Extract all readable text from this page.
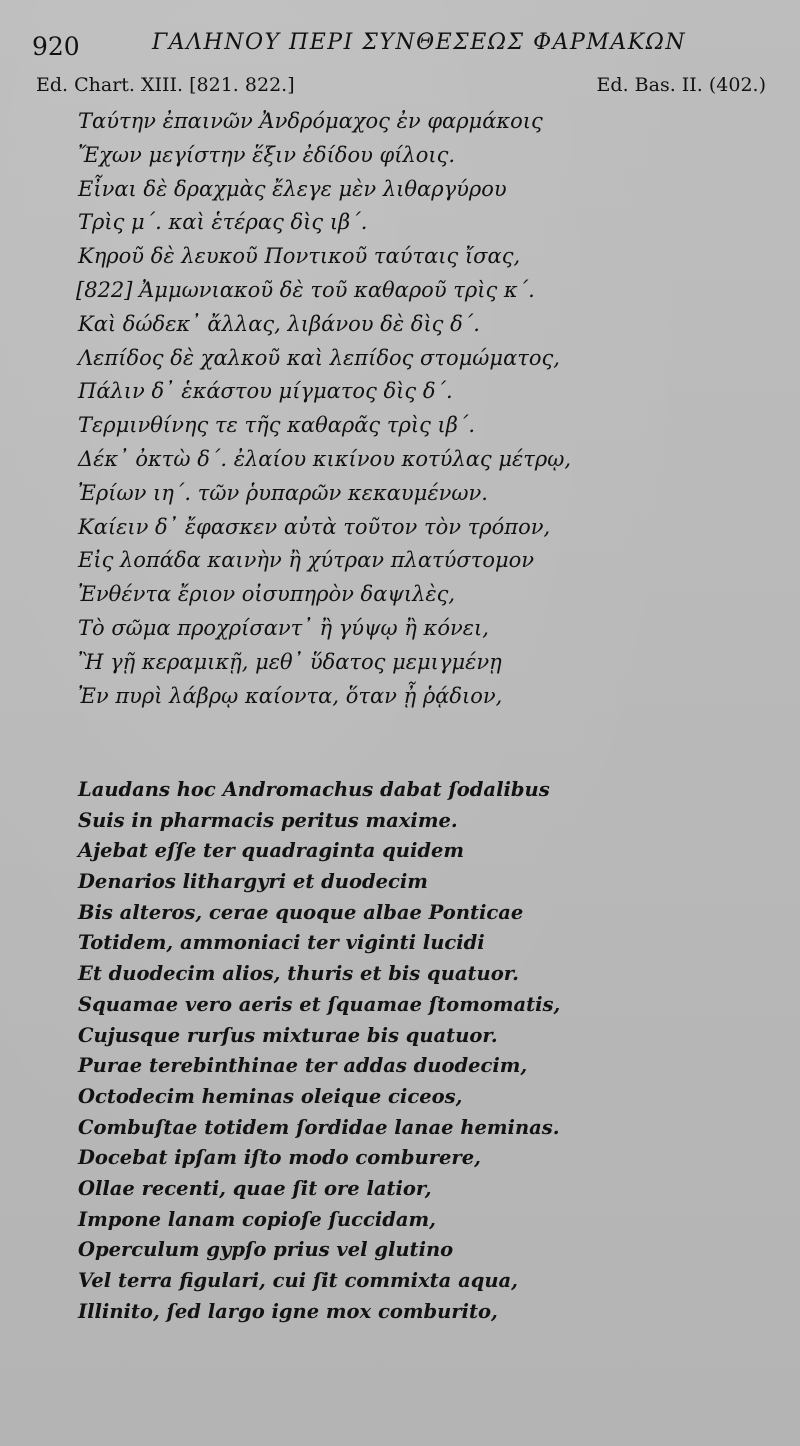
920	ΓΑΛΗΝΟΥ ΠΕΡΙ ΣΥΝΘΕΣΕΩΣ ΦΑΡΜΑΚΩΝ
Ed. Chart. XIII. [821. 822.]	Ed. Bas. II. (402.)
Ταύτην ἐπαινῶν Ἀνδρόμαχος ἐν φαρμάκοις
Ἔχων μεγίστην ἕξιν ἐδίδου φίλοις.
Εἶναι δὲ δραχμὰς ἔλεγε μὲν λιθαργύρου
Τρὶς μ΄. καὶ ἑτέρας δὶς ιβ΄.
Κηροῦ δὲ λευκοῦ Ποντικοῦ ταύταις ἴσας,
[822] Ἀμμωνιακοῦ δὲ τοῦ καθαροῦ τρὶς κ΄.
Καὶ δώδεκ᾽ ἄλλας, λιβάνου δὲ δὶς δ΄.
Λεπίδος δὲ χαλκοῦ καὶ λεπίδος στομώματος,
Πάλιν δ᾽ ἑκάστου μίγματος δὶς δ΄.
Τερμινθίνης τε τῆς καθαρᾶς τρὶς ιβ΄.
Δέκ᾽ ὀκτὼ δ΄. ἐλαίου κικίνου κοτύλας μέτρῳ,
Ἐρίων ιη΄. τῶν ῥυπαρῶν κεκαυμένων.
Καίειν δ᾽ ἔφασκεν αὐτὰ τοῦτον τὸν τρόπον,
Εἰς λοπάδα καινὴν ἢ χύτραν πλατύστομον
Ἐνθέντα ἔριον οἰσυπηρὸν δαψιλὲς,
Τὸ σῶμα προχρίσαντ᾽ ἢ γύψῳ ἢ κόνει,
Ἢ γῇ κεραμικῇ, μεθ᾽ ὕδατος μεμιγμένῃ
Ἐν πυρὶ λάβρῳ καίοντα, ὅταν ᾖ ῥᾴδιον,
Laudans hoc Andromachus dabat ſodalibus
Suis in pharmacis peritus maxime.
Ajebat eſſe ter quadraginta quidem
Denarios lithargyri et duodecim
Bis alteros, cerae quoque albae Ponticae
Totidem, ammoniaci ter viginti lucidi
Et duodecim alios, thuris et bis quatuor.
Squamae vero aeris et ſquamae ſtomomatis,
Cujusque rurſus mixturae bis quatuor.
Purae terebinthinae ter addas duodecim,
Octodecim heminas oleique ciceos,
Combuſtae totidem ſordidae lanae heminas.
Docebat ipſam iſto modo comburere,
Ollae recenti, quae ſit ore latior,
Impone lanam copioſe ſuccidam,
Operculum gypſo prius vel glutino
Vel terra figulari, cui ſit commixta aqua,
Illinito, ſed largo igne mox comburito,
